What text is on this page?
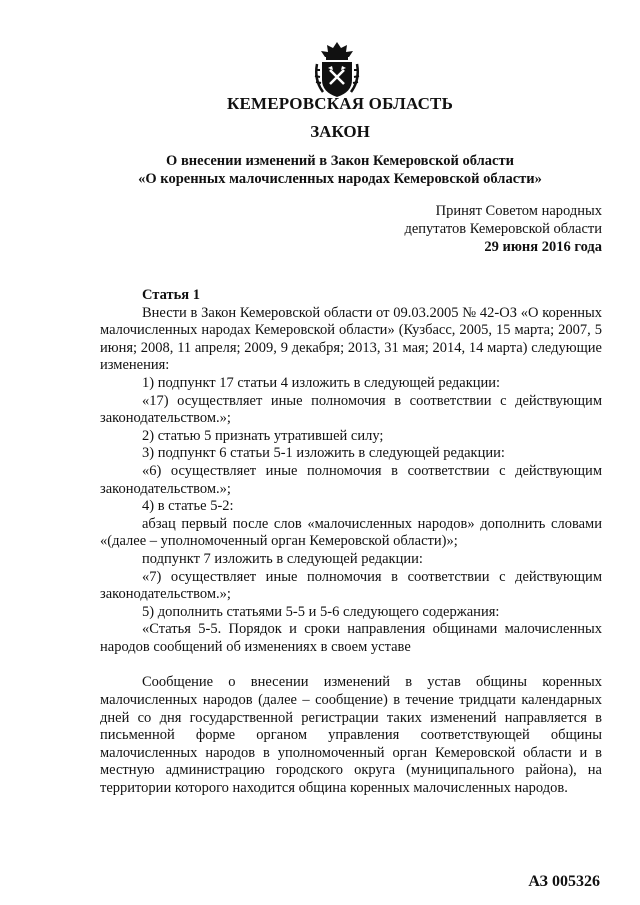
КЕМЕРОВСКАЯ ОБЛАСТЬ
ЗАКОН
О внесении изменений в Закон Кемеровской области
«О коренных малочисленных народах Кемеровской области»
Принят Советом народных
депутатов Кемеровской области
29 июня 2016 года

Статья 1

Внести в Закон Кемеровской области от 09.03.2005 № 42-ОЗ «О коренных малочисленных народах Кемеровской области» (Кузбасс, 2005, 15 марта; 2007, 5 июня; 2008, 11 апреля; 2009, 9 декабря; 2013, 31 мая; 2014, 14 марта) следующие изменения:

1) подпункт 17 статьи 4 изложить в следующей редакции:

«17) осуществляет иные полномочия в соответствии с действующим законодательством.»;

2) статью 5 признать утратившей силу;

3) подпункт 6 статьи 5-1 изложить в следующей редакции:

«6) осуществляет иные полномочия в соответствии с действующим законодательством.»;

4) в статье 5-2:

абзац первый после слов «малочисленных народов» дополнить словами «(далее – уполномоченный орган Кемеровской области)»;

подпункт 7 изложить в следующей редакции:

«7) осуществляет иные полномочия в соответствии с действующим законодательством.»;

5) дополнить статьями 5-5 и 5-6 следующего содержания:

«Статья 5-5. Порядок и сроки направления общинами малочисленных народов сообщений об изменениях в своем уставе

Сообщение о внесении изменений в устав общины коренных малочисленных народов (далее – сообщение) в течение тридцати календарных дней со дня государственной регистрации таких изменений направляется в письменной форме органом управления соответствующей общины малочисленных народов в уполномоченный орган Кемеровской области и в местную администрацию городского округа (муниципального района), на территории которого находится община коренных малочисленных народов.

АЗ 005326
